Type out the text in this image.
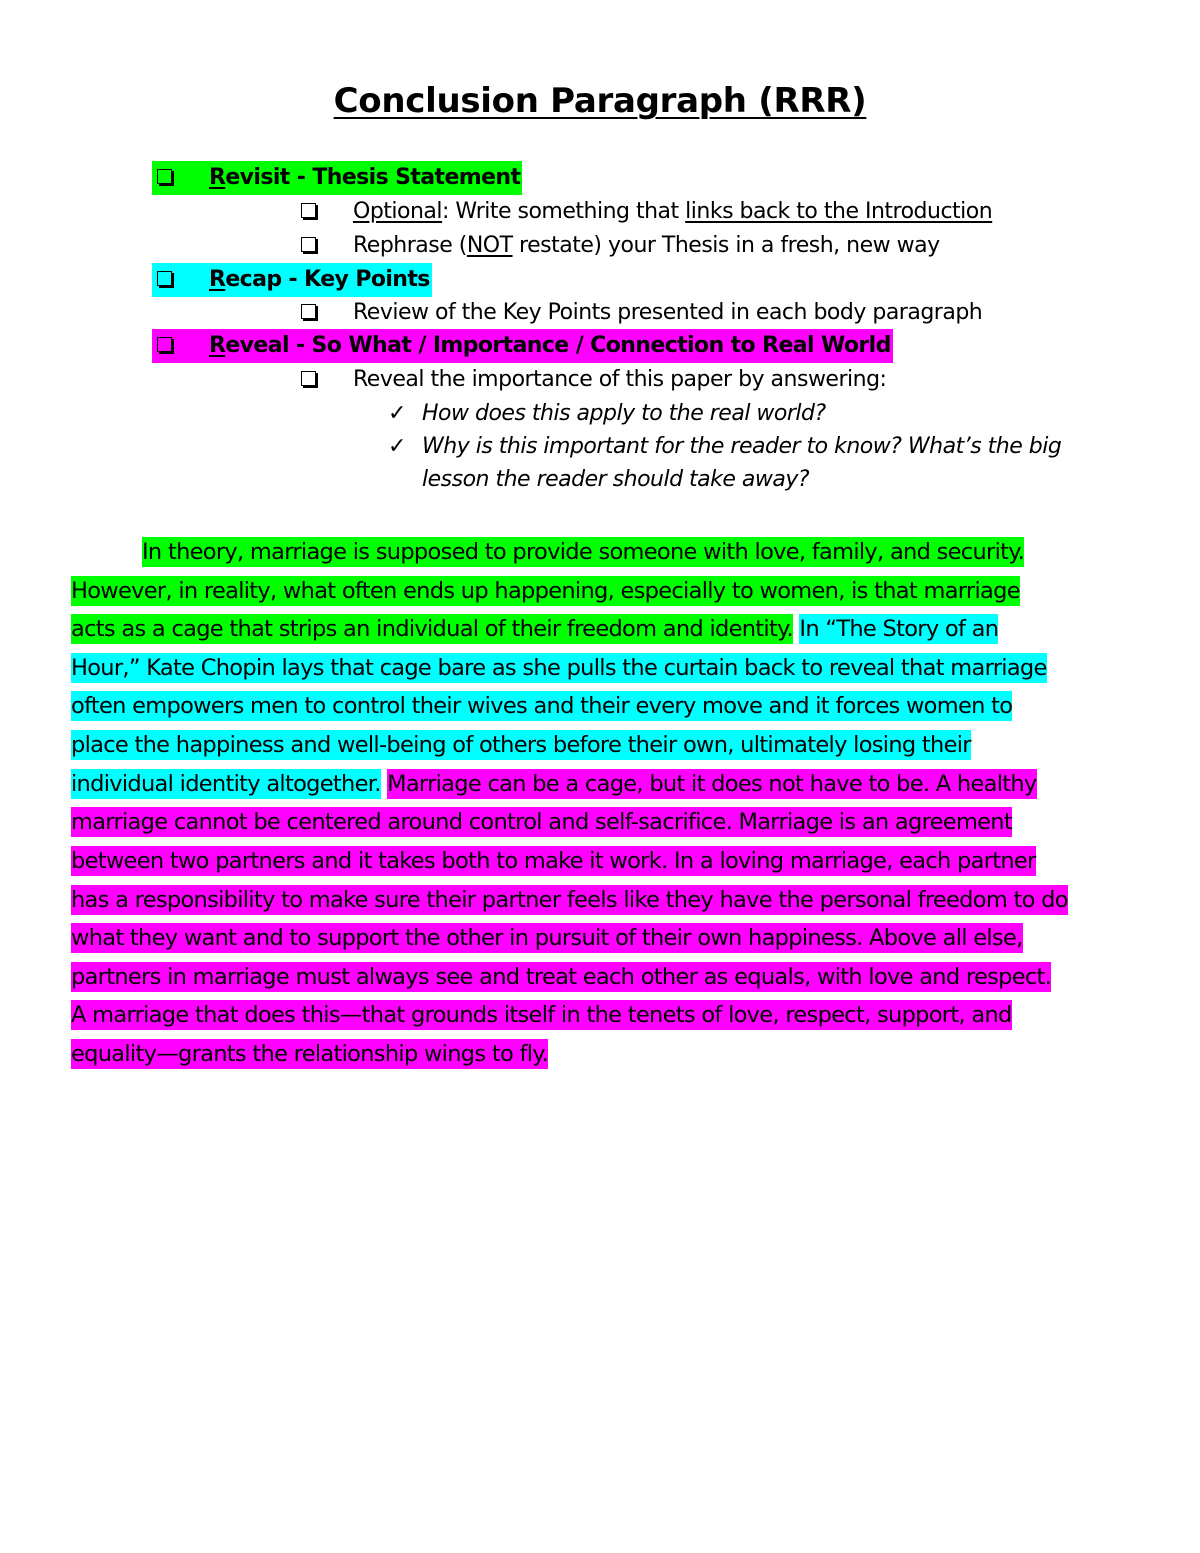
Conclusion Paragraph (RRR)
Revisit - Thesis Statement
Optional: Write something that links back to the Introduction
Rephrase (NOT restate) your Thesis in a fresh, new way
Recap - Key Points
Review of the Key Points presented in each body paragraph
Reveal - So What / Importance / Connection to Real World
Reveal the importance of this paper by answering:
✓ How does this apply to the real world?
✓ Why is this important for the reader to know? What’s the big
lesson the reader should take away?
In theory, marriage is supposed to provide someone with love, family, and security.
However, in reality, what often ends up happening, especially to women, is that marriage
acts as a cage that strips an individual of their freedom and identity. In “The Story of an
Hour,” Kate Chopin lays that cage bare as she pulls the curtain back to reveal that marriage
often empowers men to control their wives and their every move and it forces women to
place the happiness and well-being of others before their own, ultimately losing their
individual identity altogether. Marriage can be a cage, but it does not have to be. A healthy
marriage cannot be centered around control and self-sacrifice. Marriage is an agreement
between two partners and it takes both to make it work. In a loving marriage, each partner
has a responsibility to make sure their partner feels like they have the personal freedom to do
what they want and to support the other in pursuit of their own happiness. Above all else,
partners in marriage must always see and treat each other as equals, with love and respect.
A marriage that does this—that grounds itself in the tenets of love, respect, support, and
equality—grants the relationship wings to fly.
